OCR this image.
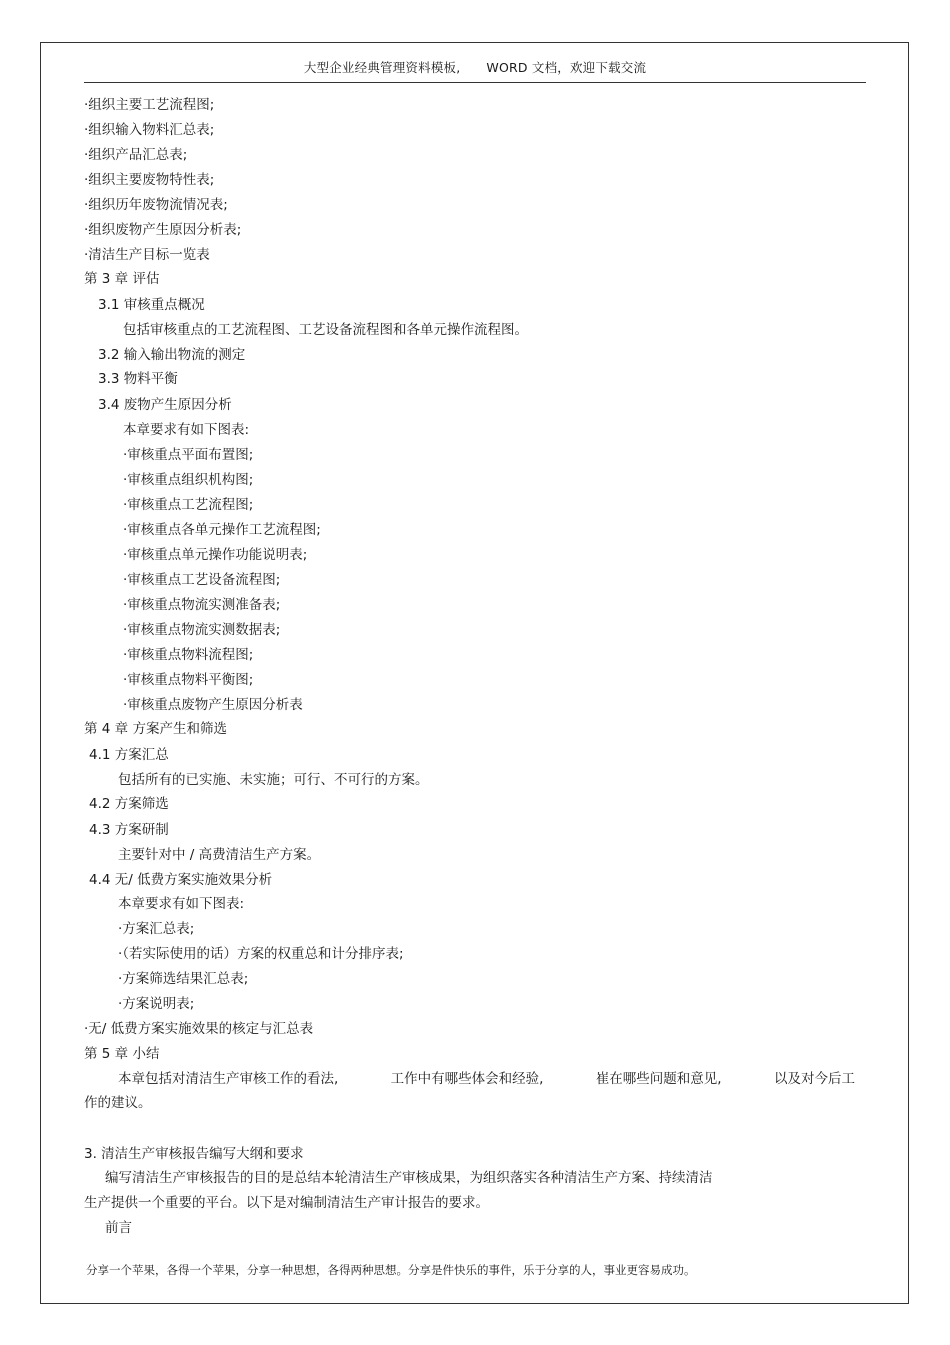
大型企业经典管理资料模板, WORD 文档，欢迎下载交流
·组织主要工艺流程图;
·组织输入物料汇总表;
·组织产品汇总表;
·组织主要废物特性表;
·组织历年废物流情况表;
·组织废物产生原因分析表;
·清洁生产目标一览表
第 3 章 评估
3.1 审核重点概况
包括审核重点的工艺流程图、工艺设备流程图和各单元操作流程图。
3.2 输入输出物流的测定
3.3 物料平衡
3.4 废物产生原因分析
本章要求有如下图表:
·审核重点平面布置图;
·审核重点组织机构图;
·审核重点工艺流程图;
·审核重点各单元操作工艺流程图;
·审核重点单元操作功能说明表;
·审核重点工艺设备流程图;
·审核重点物流实测准备表;
·审核重点物流实测数据表;
·审核重点物料流程图;
·审核重点物料平衡图;
·审核重点废物产生原因分析表
第 4 章 方案产生和筛选
4.1 方案汇总
包括所有的已实施、未实施；可行、不可行的方案。
4.2 方案筛选
4.3 方案研制
主要针对中 / 高费清洁生产方案。
4.4 无/ 低费方案实施效果分析
本章要求有如下图表:
·方案汇总表;
·（若实际使用的话）方案的权重总和计分排序表;
·方案筛选结果汇总表;
·方案说明表;
·无/ 低费方案实施效果的核定与汇总表
第 5 章 小结
本章包括对清洁生产审核工作的看法,	工作中有哪些体会和经验,	崔在哪些问题和意见,	以及对今后工
作的建议。
3. 清洁生产审核报告编写大纲和要求
编写清洁生产审核报告的目的是总结本轮清洁生产审核成果，为组织落实各种清洁生产方案、持续清洁
生产提供一个重要的平台。以下是对编制清洁生产审计报告的要求。
前言
分享一个苹果，各得一个苹果，分享一种思想，各得两种思想。分享是件快乐的事件，乐于分享的人，事业更容易成功。
